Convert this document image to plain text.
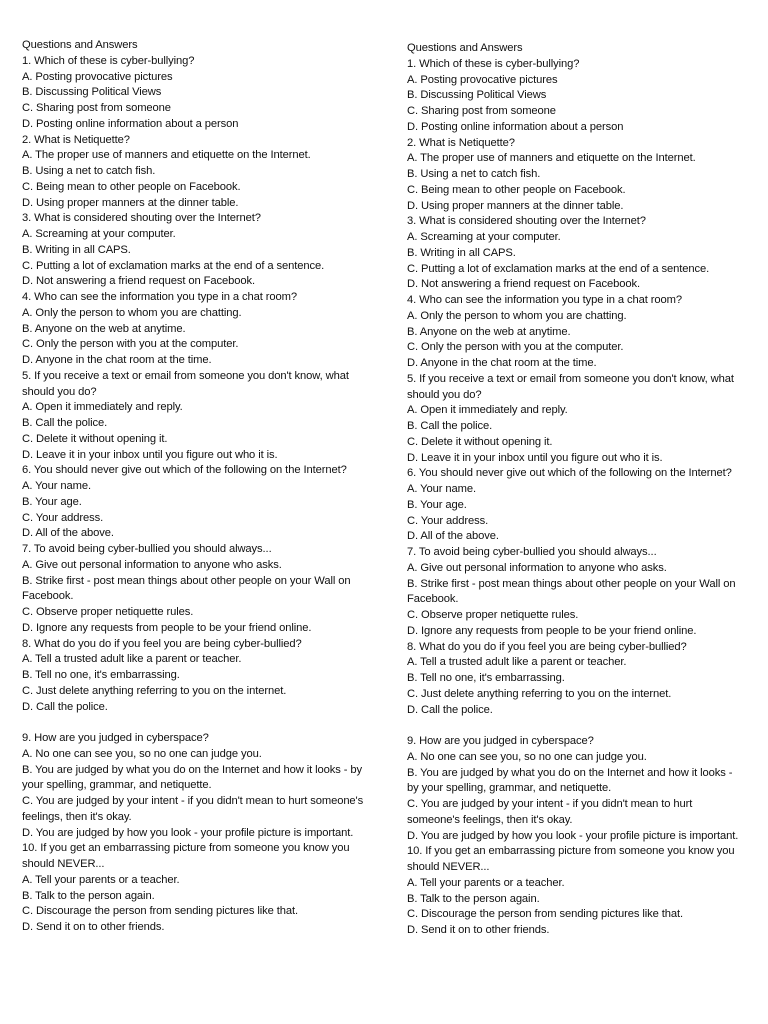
Questions and Answers
1. Which of these is cyber-bullying?
A. Posting provocative pictures
B. Discussing Political Views
C. Sharing post from someone
D. Posting online information about a person
2. What is Netiquette?
A. The proper use of manners and etiquette on the Internet.
B. Using a net to catch fish.
C. Being mean to other people on Facebook.
D. Using proper manners at the dinner table.
3. What is considered shouting over the Internet?
A. Screaming at your computer.
B. Writing in all CAPS.
C. Putting a lot of exclamation marks at the end of a sentence.
D. Not answering a friend request on Facebook.
4. Who can see the information you type in a chat room?
A. Only the person to whom you are chatting.
B. Anyone on the web at anytime.
C. Only the person with you at the computer.
D. Anyone in the chat room at the time.
5. If you receive a text or email from someone you don't know, what should you do?
A. Open it immediately and reply.
B. Call the police.
C. Delete it without opening it.
D. Leave it in your inbox until you figure out who it is.
6. You should never give out which of the following on the Internet?
A. Your name.
B. Your age.
C. Your address.
D. All of the above.
7. To avoid being cyber-bullied you should always...
A. Give out personal information to anyone who asks.
B. Strike first - post mean things about other people on your Wall on Facebook.
C. Observe proper netiquette rules.
D. Ignore any requests from people to be your friend online.
8. What do you do if you feel you are being cyber-bullied?
A. Tell a trusted adult like a parent or teacher.
B. Tell no one, it's embarrassing.
C. Just delete anything referring to you on the internet.
D. Call the police.
9. How are you judged in cyberspace?
A. No one can see you, so no one can judge you.
B. You are judged by what you do on the Internet and how it looks - by your spelling, grammar, and netiquette.
C. You are judged by your intent - if you didn't mean to hurt someone's feelings, then it's okay.
D. You are judged by how you look - your profile picture is important.
10. If you get an embarrassing picture from someone you know you should NEVER...
A. Tell your parents or a teacher.
B. Talk to the person again.
C. Discourage the person from sending pictures like that.
D. Send it on to other friends.
Questions and Answers
1. Which of these is cyber-bullying?
A. Posting provocative pictures
B. Discussing Political Views
C. Sharing post from someone
D. Posting online information about a person
2. What is Netiquette?
A. The proper use of manners and etiquette on the Internet.
B. Using a net to catch fish.
C. Being mean to other people on Facebook.
D. Using proper manners at the dinner table.
3. What is considered shouting over the Internet?
A. Screaming at your computer.
B. Writing in all CAPS.
C. Putting a lot of exclamation marks at the end of a sentence.
D. Not answering a friend request on Facebook.
4. Who can see the information you type in a chat room?
A. Only the person to whom you are chatting.
B. Anyone on the web at anytime.
C. Only the person with you at the computer.
D. Anyone in the chat room at the time.
5. If you receive a text or email from someone you don't know, what should you do?
A. Open it immediately and reply.
B. Call the police.
C. Delete it without opening it.
D. Leave it in your inbox until you figure out who it is.
6. You should never give out which of the following on the Internet?
A. Your name.
B. Your age.
C. Your address.
D. All of the above.
7. To avoid being cyber-bullied you should always...
A. Give out personal information to anyone who asks.
B. Strike first - post mean things about other people on your Wall on Facebook.
C. Observe proper netiquette rules.
D. Ignore any requests from people to be your friend online.
8. What do you do if you feel you are being cyber-bullied?
A. Tell a trusted adult like a parent or teacher.
B. Tell no one, it's embarrassing.
C. Just delete anything referring to you on the internet.
D. Call the police.
9. How are you judged in cyberspace?
A. No one can see you, so no one can judge you.
B. You are judged by what you do on the Internet and how it looks - by your spelling, grammar, and netiquette.
C. You are judged by your intent - if you didn't mean to hurt someone's feelings, then it's okay.
D. You are judged by how you look - your profile picture is important.
10. If you get an embarrassing picture from someone you know you should NEVER...
A. Tell your parents or a teacher.
B. Talk to the person again.
C. Discourage the person from sending pictures like that.
D. Send it on to other friends.
